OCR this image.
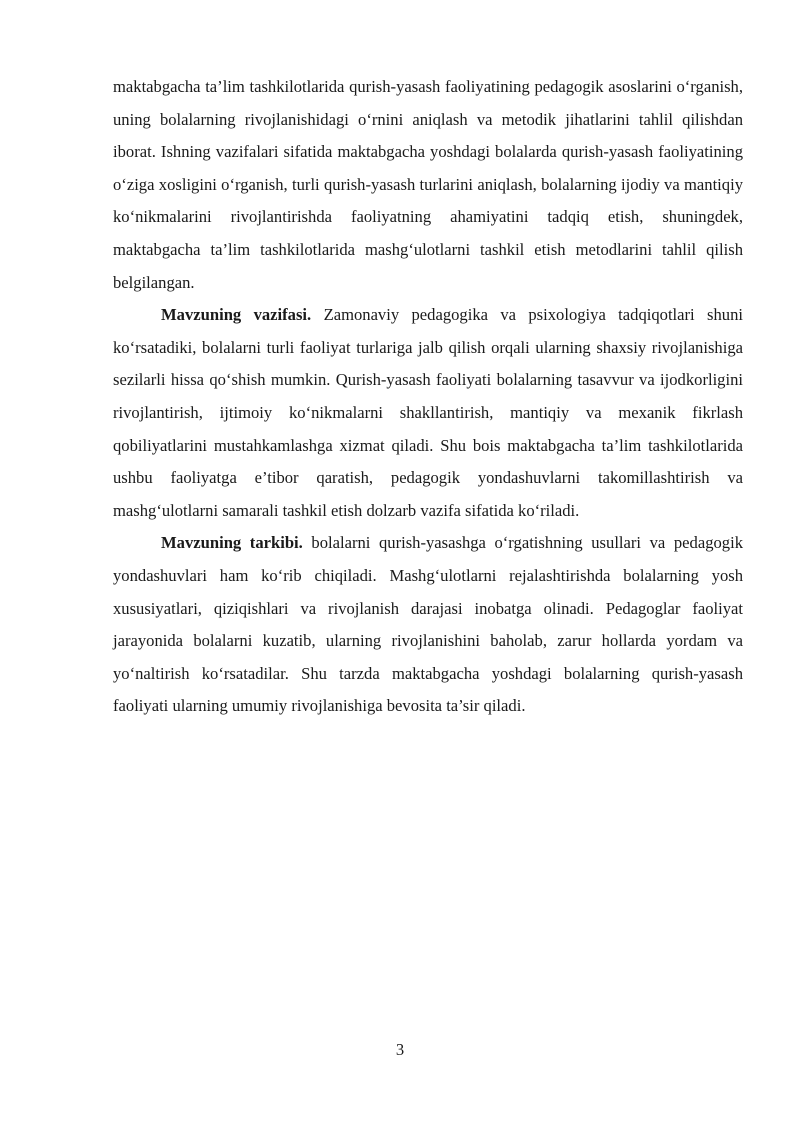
maktabgacha ta’lim tashkilotlarida qurish-yasash faoliyatining pedagogik asoslarini o‘rganish, uning bolalarning rivojlanishidagi o‘rnini aniqlash va metodik jihatlarini tahlil qilishdan iborat. Ishning vazifalari sifatida maktabgacha yoshdagi bolalarda qurish-yasash faoliyatining o‘ziga xosligini o‘rganish, turli qurish-yasash turlarini aniqlash, bolalarning ijodiy va mantiqiy ko‘nikmalarini rivojlantirishda faoliyatning ahamiyatini tadqiq etish, shuningdek, maktabgacha ta’lim tashkilotlarida mashg‘ulotlarni tashkil etish metodlarini tahlil qilish belgilangan.

Mavzuning vazifasi. Zamonaviy pedagogika va psixologiya tadqiqotlari shuni ko‘rsatadiki, bolalarni turli faoliyat turlariga jalb qilish orqali ularning shaxsiy rivojlanishiga sezilarli hissa qo‘shish mumkin. Qurish-yasash faoliyati bolalarning tasavvur va ijodkorligini rivojlantirish, ijtimoiy ko‘nikmalarni shakllantirish, mantiqiy va mexanik fikrlash qobiliyatlarini mustahkamlashga xizmat qiladi. Shu bois maktabgacha ta’lim tashkilotlarida ushbu faoliyatga e’tibor qaratish, pedagogik yondashuvlarni takomillashtirish va mashg‘ulotlarni samarali tashkil etish dolzarb vazifa sifatida ko‘riladi.

Mavzuning tarkibi. bolalarni qurish-yasashga o‘rgatishning usullari va pedagogik yondashuvlari ham ko‘rib chiqiladi. Mashg‘ulotlarni rejalashtirishda bolalarning yosh xususiyatlari, qiziqishlari va rivojlanish darajasi inobatga olinadi. Pedagoglar faoliyat jarayonida bolalarni kuzatib, ularning rivojlanishini baholab, zarur hollarda yordam va yo‘naltirish ko‘rsatadilar. Shu tarzda maktabgacha yoshdagi bolalarning qurish-yasash faoliyati ularning umumiy rivojlanishiga bevosita ta’sir qiladi.

3
